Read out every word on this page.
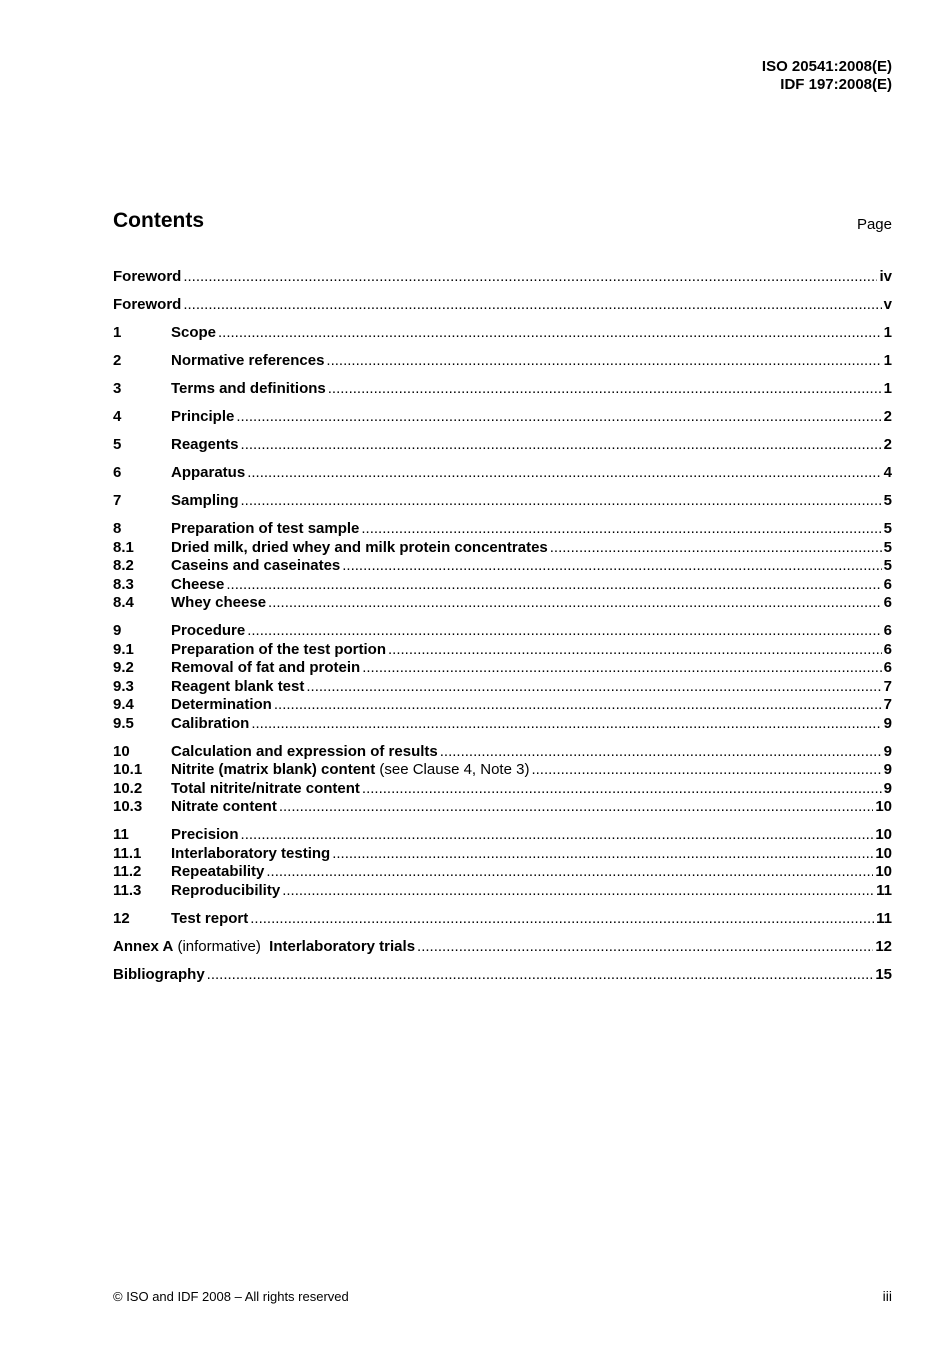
ISO 20541:2008(E)
IDF 197:2008(E)
Contents	Page
Foreword .....	iv
Foreword .....	v
1	Scope .....	1
2	Normative references .....	1
3	Terms and definitions .....	1
4	Principle .....	2
5	Reagents .....	2
6	Apparatus .....	4
7	Sampling .....	5
8	Preparation of test sample .....	5
8.1	Dried milk, dried whey and milk protein concentrates .....	5
8.2	Caseins and caseinates .....	5
8.3	Cheese .....	6
8.4	Whey cheese .....	6
9	Procedure .....	6
9.1	Preparation of the test portion .....	6
9.2	Removal of fat and protein .....	6
9.3	Reagent blank test .....	7
9.4	Determination .....	7
9.5	Calibration .....	9
10	Calculation and expression of results .....	9
10.1	Nitrite (matrix blank) content (see Clause 4, Note 3) .....	9
10.2	Total nitrite/nitrate content .....	9
10.3	Nitrate content .....	10
11	Precision .....	10
11.1	Interlaboratory testing .....	10
11.2	Repeatability .....	10
11.3	Reproducibility .....	11
12	Test report .....	11
Annex A (informative)  Interlaboratory trials .....	12
Bibliography .....	15
© ISO and IDF 2008 – All rights reserved	iii
